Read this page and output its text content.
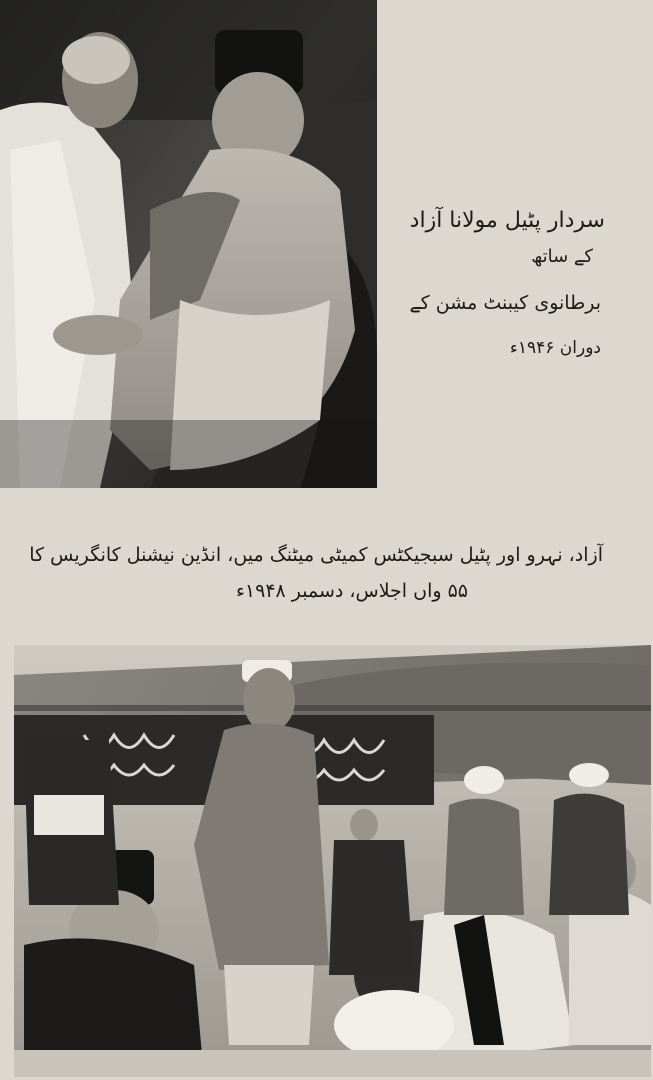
سردار پٹیل مولانا آزاد
کے ساتھ
برطانوی کیبنٹ مشن کے
دوران ۱۹۴۶ء
آزاد، نہرو اور پٹیل سبجیکٹس کمیٹی میٹنگ میں، انڈین نیشنل کانگریس کا
۵۵ واں اجلاس، دسمبر ۱۹۴۸ء
